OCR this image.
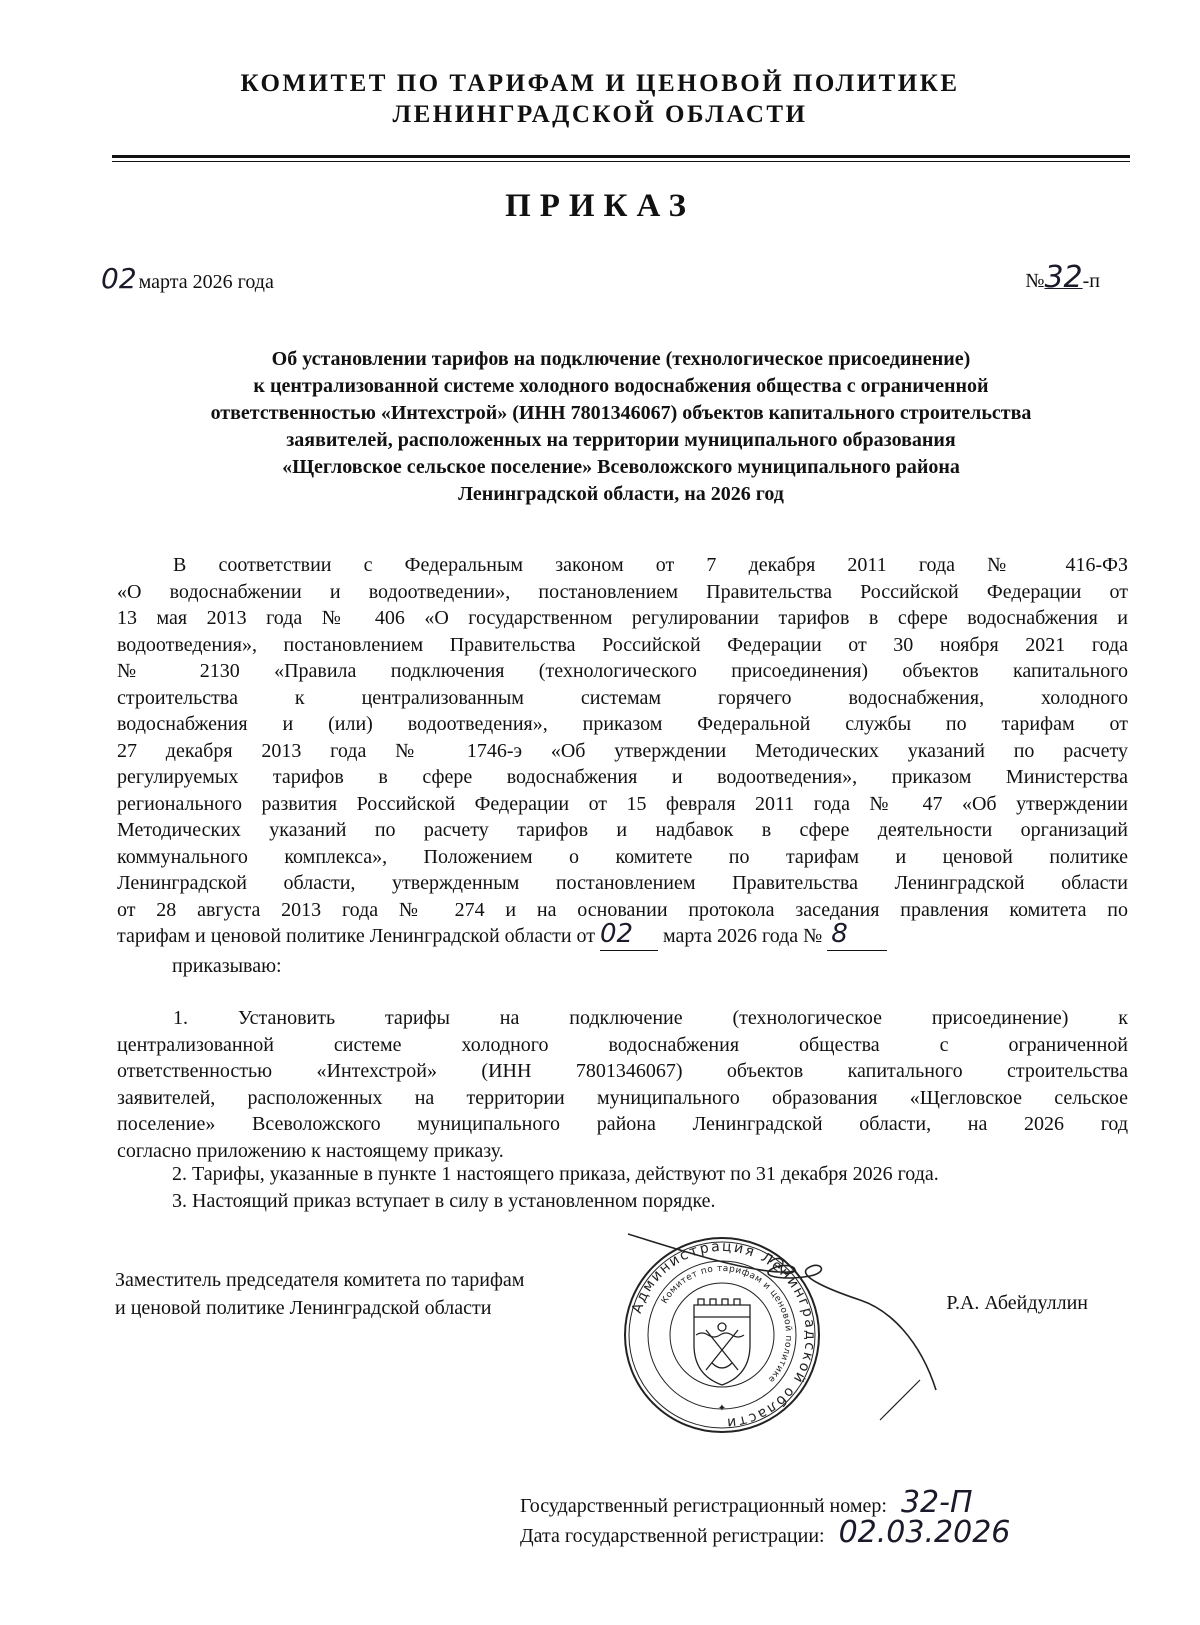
КОМИТЕТ ПО ТАРИФАМ И ЦЕНОВОЙ ПОЛИТИКЕ
ЛЕНИНГРАДСКОЙ ОБЛАСТИ
ПРИКАЗ
02 марта 2026 года	№32-п
Об установлении тарифов на подключение (технологическое присоединение)
к централизованной системе холодного водоснабжения общества с ограниченной
ответственностью «Интехстрой» (ИНН 7801346067) объектов капитального строительства
заявителей, расположенных на территории муниципального образования
«Щегловское сельское поселение» Всеволожского муниципального района
Ленинградской области, на 2026 год
В соответствии с Федеральным законом от 7 декабря 2011 года № 416-ФЗ
«О водоснабжении и водоотведении», постановлением Правительства Российской Федерации от
13 мая 2013 года № 406 «О государственном регулировании тарифов в сфере водоснабжения и
водоотведения», постановлением Правительства Российской Федерации от 30 ноября 2021 года
№ 2130 «Правила подключения (технологического присоединения) объектов капитального
строительства к централизованным системам горячего водоснабжения, холодного
водоснабжения и (или) водоотведения», приказом Федеральной службы по тарифам от
27 декабря 2013 года № 1746-э «Об утверждении Методических указаний по расчету
регулируемых тарифов в сфере водоснабжения и водоотведения», приказом Министерства
регионального развития Российской Федерации от 15 февраля 2011 года № 47 «Об утверждении
Методических указаний по расчету тарифов и надбавок в сфере деятельности организаций
коммунального комплекса», Положением о комитете по тарифам и ценовой политике
Ленинградской области, утвержденным постановлением Правительства Ленинградской области
от 28 августа 2013 года № 274 и на основании протокола заседания правления комитета по
тарифам и ценовой политике Ленинградской области от 02 марта 2026 года № 8
приказываю:
1. Установить тарифы на подключение (технологическое присоединение) к
централизованной системе холодного водоснабжения общества с ограниченной
ответственностью «Интехстрой» (ИНН 7801346067) объектов капитального строительства
заявителей, расположенных на территории муниципального образования «Щегловское сельское
поселение» Всеволожского муниципального района Ленинградской области, на 2026 год
согласно приложению к настоящему приказу.
2. Тарифы, указанные в пункте 1 настоящего приказа, действуют по 31 декабря 2026 года.
3. Настоящий приказ вступает в силу в установленном порядке.
Заместитель председателя комитета по тарифам
и ценовой политике Ленинградской области	Р.А. Абейдуллин
Администрация Ленинградской области
Комитет по тарифам и ценовой политике
✦
Государственный регистрационный номер: 32-П
Дата государственной регистрации: 02.03.2026
